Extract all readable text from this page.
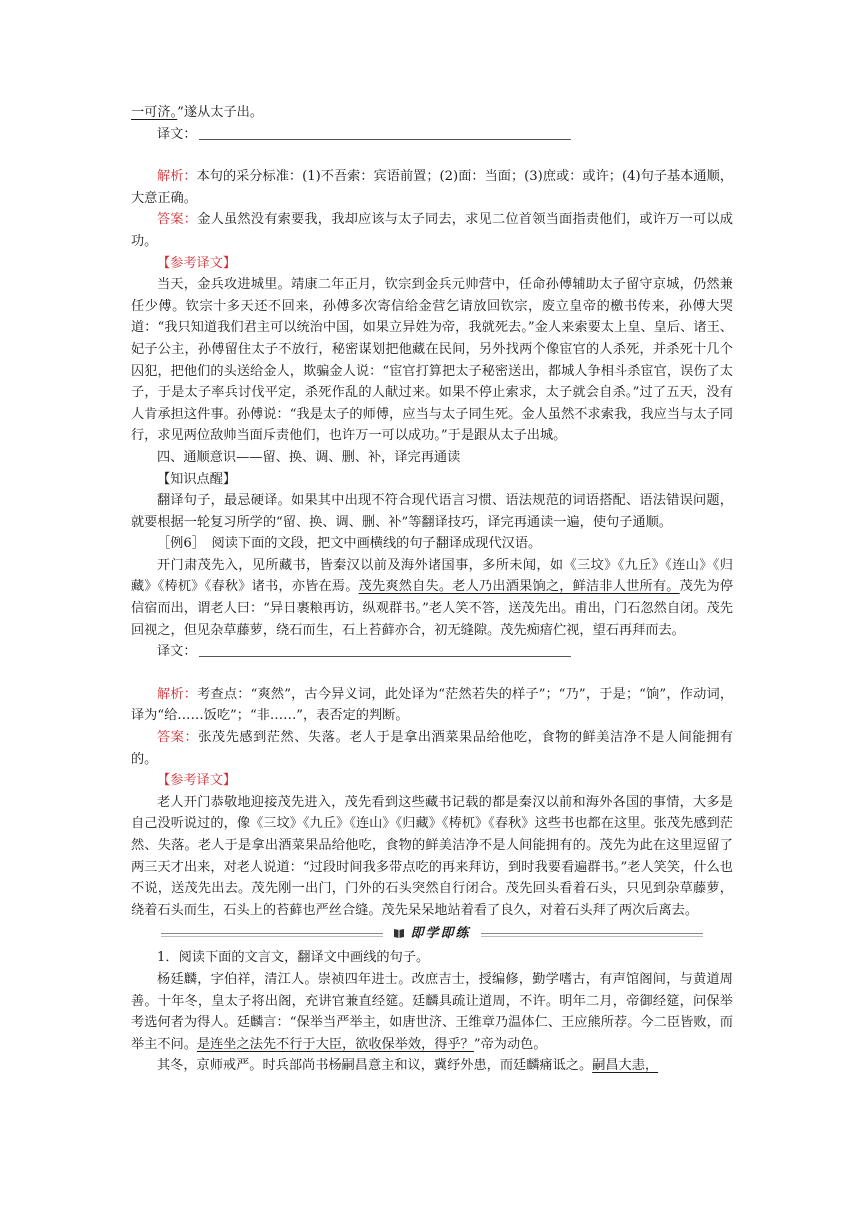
一可济。”遂从太子出。

译文：

解析：本句的采分标准：(1)不吾索：宾语前置；(2)面：当面；(3)庶或：或许；(4)句子基本通顺，大意正确。

答案：金人虽然没有索要我，我却应该与太子同去，求见二位首领当面指责他们，或许万一可以成功。

【参考译文】

当天，金兵攻进城里。靖康二年正月，钦宗到金兵元帅营中，任命孙傅辅助太子留守京城，仍然兼任少傅。钦宗十多天还不回来，孙傅多次寄信给金营乞请放回钦宗，废立皇帝的檄书传来，孙傅大哭道：“我只知道我们君主可以统治中国，如果立异姓为帝，我就死去。”金人来索要太上皇、皇后、诸王、妃子公主，孙傅留住太子不放行，秘密谋划把他藏在民间，另外找两个像宦官的人杀死，并杀死十几个囚犯，把他们的头送给金人，欺骗金人说：“宦官打算把太子秘密送出，都城人争相斗杀宦官，误伤了太子，于是太子率兵讨伐平定，杀死作乱的人献过来。如果不停止索求，太子就会自杀。”过了五天，没有人肯承担这件事。孙傅说：“我是太子的师傅，应当与太子同生死。金人虽然不求索我，我应当与太子同行，求见两位敌帅当面斥责他们，也许万一可以成功。”于是跟从太子出城。

四、通顺意识——留、换、调、删、补，译完再通读

【知识点醒】

翻译句子，最忌硬译。如果其中出现不符合现代语言习惯、语法规范的词语搭配、语法错误问题，就要根据一轮复习所学的“留、换、调、删、补”等翻译技巧，译完再通读一遍，使句子通顺。

［例6］　阅读下面的文段，把文中画横线的句子翻译成现代汉语。

开门肃茂先入，见所藏书，皆秦汉以前及海外诸国事，多所未闻，如《三坟》《九丘》《连山》《归藏》《梼杌》《春秋》诸书，亦皆在焉。茂先爽然自失。老人乃出酒果饷之，鲜洁非人世所有。茂先为停信宿而出，谓老人曰：“异日裹粮再访，纵观群书。”老人笑不答，送茂先出。甫出，门石忽然自闭。茂先回视之，但见杂草藤萝，绕石而生，石上苔藓亦合，初无缝隙。茂先痴瘖伫视，望石再拜而去。

译文：

解析：考查点：“爽然”，古今异义词，此处译为“茫然若失的样子”；“乃”，于是；“饷”，作动词，译为“给……饭吃”；“非……”，表否定的判断。

答案：张茂先感到茫然、失落。老人于是拿出酒菜果品给他吃，食物的鲜美洁净不是人间能拥有的。

【参考译文】

老人开门恭敬地迎接茂先进入，茂先看到这些藏书记载的都是秦汉以前和海外各国的事情，大多是自己没听说过的，像《三坟》《九丘》《连山》《归藏》《梼杌》《春秋》这些书也都在这里。张茂先感到茫然、失落。老人于是拿出酒菜果品给他吃，食物的鲜美洁净不是人间能拥有的。茂先为此在这里逗留了两三天才出来，对老人说道：“过段时间我多带点吃的再来拜访，到时我要看遍群书。”老人笑笑，什么也不说，送茂先出去。茂先刚一出门，门外的石头突然自行闭合。茂先回头看着石头，只见到杂草藤萝，绕着石头而生，石头上的苔藓也严丝合缝。茂先呆呆地站着看了良久，对着石头拜了两次后离去。

即学即练

1．阅读下面的文言文，翻译文中画线的句子。

杨廷麟，字伯祥，清江人。崇祯四年进士。改庶吉士，授编修，勤学嗜古，有声馆阁间，与黄道周善。十年冬，皇太子将出阁，充讲官兼直经筵。廷麟具疏让道周，不许。明年二月，帝御经筵，问保举考选何者为得人。廷麟言：“保举当严举主，如唐世济、王维章乃温体仁、王应熊所荐。今二臣皆败，而举主不问。是连坐之法先不行于大臣，欲收保举效，得乎？”帝为动色。

其冬，京师戒严。时兵部尚书杨嗣昌意主和议，冀纾外患，而廷麟痛诋之。嗣昌大恚，
